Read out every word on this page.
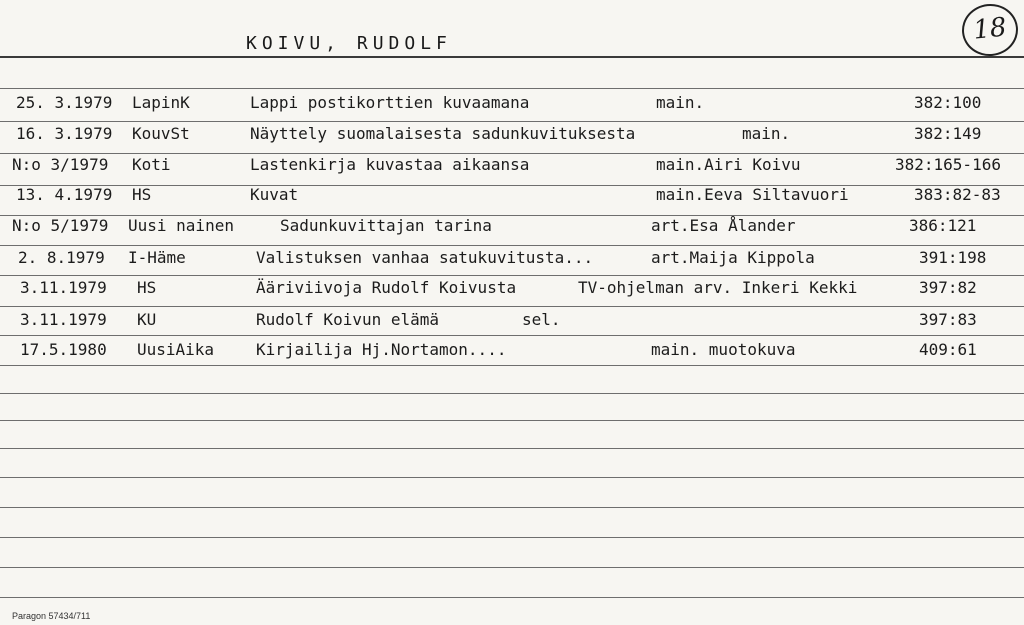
KOIVU, RUDOLF	18
25. 3.1979 LapinK	Lappi postikorttien kuvaamana	main.	382:100
16. 3.1979 KouvSt	Näyttely suomalaisesta sadunkuvituksesta	main.	382:149
N:o 3/1979 Koti	Lastenkirja kuvastaa aikaansa	main.Airi Koivu	382:165-166
13. 4.1979 HS	Kuvat	main.Eeva Siltavuori	383:82-83
N:o 5/1979 Uusi nainen	Sadunkuvittajan tarina	art.Esa Ålander	386:121
2. 8.1979 I-Häme	Valistuksen vanhaa satukuvitusta...	art.Maija Kippola	391:198
3.11.1979 HS	Ääriviivoja Rudolf Koivusta	TV-ohjelman arv. Inkeri Kekki	397:82
3.11.1979 KU	Rudolf Koivun elämä	sel.	397:83
17.5.1980 UusiAika	Kirjailija Hj.Nortamon....	main. muotokuva	409:61
Paragon 57434/711
